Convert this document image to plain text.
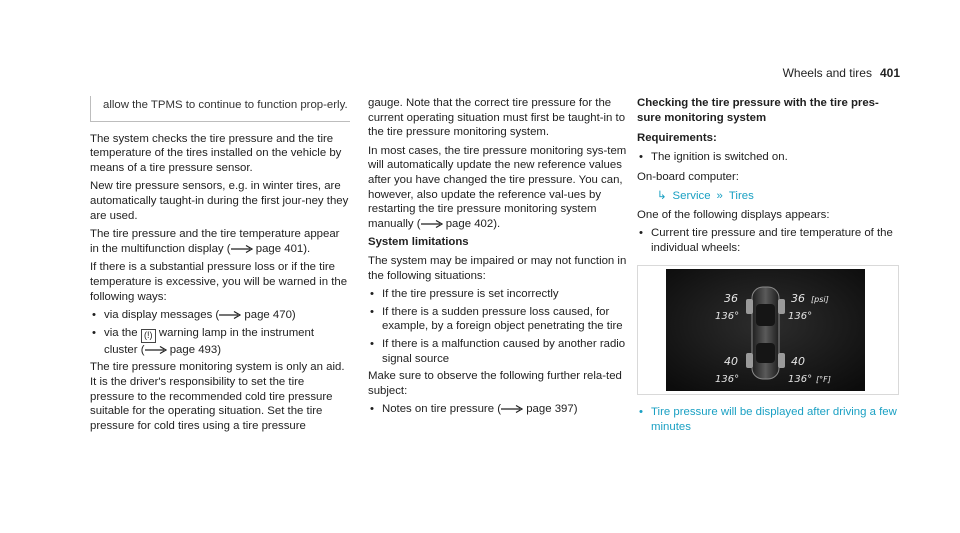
Wheels and tires 401
allow the TPMS to continue to function prop-erly.

The system checks the tire pressure and the tire temperature of the tires installed on the vehicle by means of a tire pressure sensor.

New tire pressure sensors, e.g. in winter tires, are automatically taught-in during the first jour-ney they are used.

The tire pressure and the tire temperature appear in the multifunction display ( page 401).

If there is a substantial pressure loss or if the tire temperature is excessive, you will be warned in the following ways:

• via display messages ( page 470)
• via the (!) warning lamp in the instrument cluster ( page 493)

The tire pressure monitoring system is only an aid. It is the driver's responsibility to set the tire pressure to the recommended cold tire pressure suitable for the operating situation. Set the tire pressure for cold tires using a tire pressure

gauge. Note that the correct tire pressure for the current operating situation must first be taught-in to the tire pressure monitoring system.

In most cases, the tire pressure monitoring sys-tem will automatically update the new reference values after you have changed the tire pressure. You can, however, also update the reference val-ues by restarting the tire pressure monitoring system manually ( page 402).

System limitations

The system may be impaired or may not function in the following situations:

• If the tire pressure is set incorrectly
• If there is a sudden pressure loss caused, for example, by a foreign object penetrating the tire
• If there is a malfunction caused by another radio signal source

Make sure to observe the following further rela-ted subject:

• Notes on tire pressure ( page 397)

Checking the tire pressure with the tire pres-sure monitoring system

Requirements:

• The ignition is switched on.

On-board computer:

↳ Service » Tires

One of the following displays appears:

• Current tire pressure and tire temperature of the individual wheels:
36	36 [psi]
136°	136°
40	40
136°	136° [°F]
• Tire pressure will be displayed after driving a few minutes
